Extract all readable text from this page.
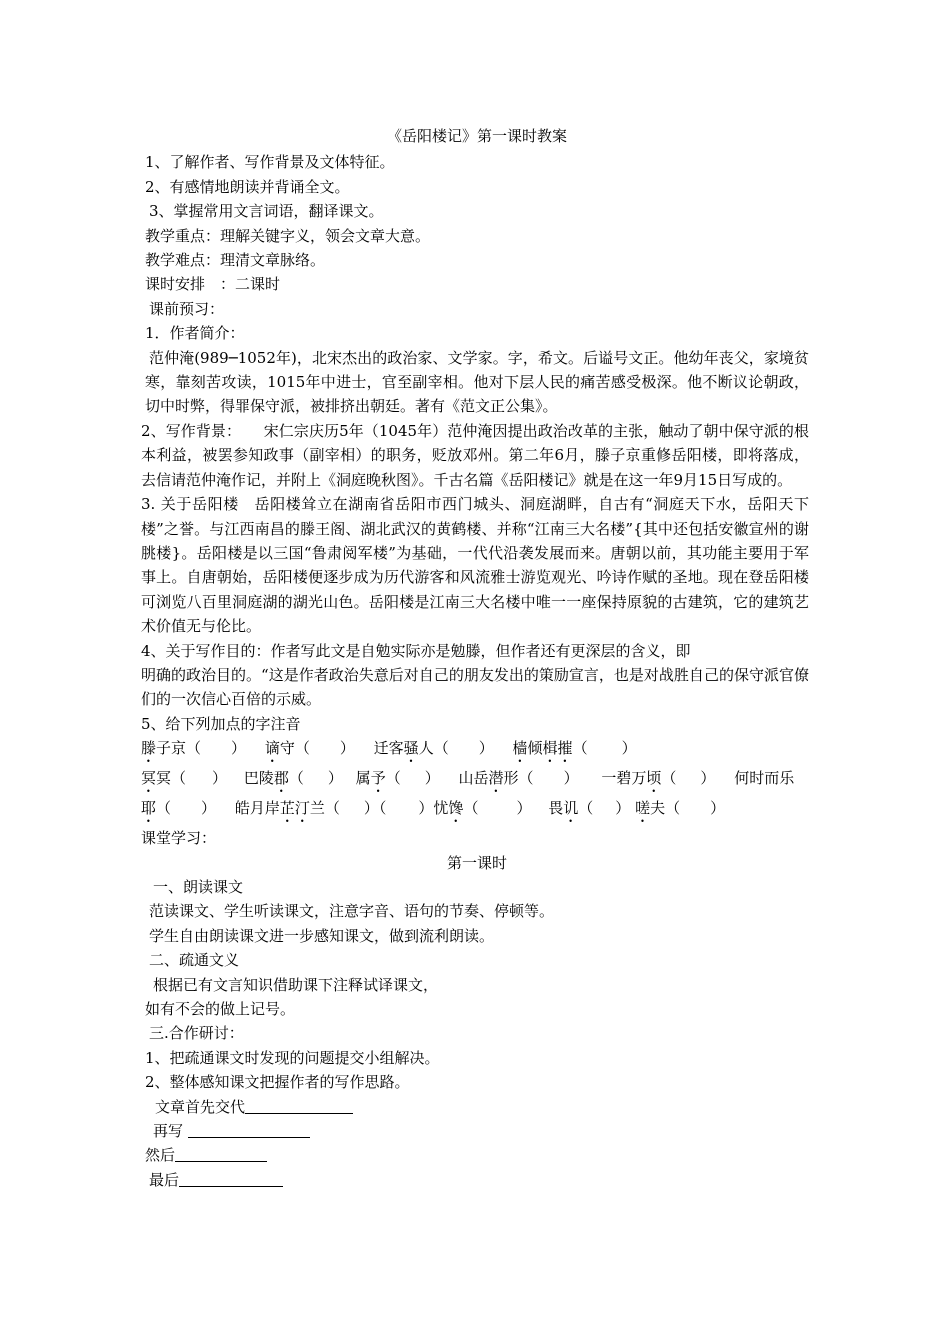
《岳阳楼记》第一课时教案
1、了解作者、写作背景及文体特征。
2、有感情地朗读并背诵全文。
3、掌握常用文言词语，翻译课文。
教学重点：理解关键字义，领会文章大意。
教学难点：理清文章脉络。
课时安排　：二课时
课前预习：
1．作者简介：
范仲淹(989─1052年)，北宋杰出的政治家、文学家。字，希文。后谥号文正。他幼年丧父，家境贫寒，靠刻苦攻读，1015年中进士，官至副宰相。他对下层人民的痛苦感受极深。他不断议论朝政，切中时弊，得罪保守派，被排挤出朝廷。著有《范文正公集》。
2、写作背景：　　宋仁宗庆历5年（1045年）范仲淹因提出政治改革的主张，触动了朝中保守派的根本利益，被罢参知政事（副宰相）的职务，贬放邓州。第二年6月，滕子京重修岳阳楼，即将落成，去信请范仲淹作记，并附上《洞庭晚秋图》。千古名篇《岳阳楼记》就是在这一年9月15日写成的。
3. 关于岳阳楼　岳阳楼耸立在湖南省岳阳市西门城头、洞庭湖畔，自古有“洞庭天下水，岳阳天下楼”之誉。与江西南昌的滕王阁、湖北武汉的黄鹤楼、并称“江南三大名楼”{其中还包括安徽宣州的谢朓楼}。岳阳楼是以三国“鲁肃阅军楼”为基础，一代代沿袭发展而来。唐朝以前，其功能主要用于军事上。自唐朝始，岳阳楼便逐步成为历代游客和风流雅士游览观光、吟诗作赋的圣地。现在登岳阳楼可浏览八百里洞庭湖的湖光山色。岳阳楼是江南三大名楼中唯一一座保持原貌的古建筑，它的建筑艺术价值无与伦比。
4、关于写作目的：作者写此文是自勉实际亦是勉滕，但作者还有更深层的含义，即
明确的政治目的。“这是作者政治失意后对自己的朋友发出的策励宣言，也是对战胜自己的保守派官僚们的一次信心百倍的示威。
5、给下列加点的字注音
滕子京（ ） 谪守（ ） 迁客骚人（ ） 樯倾楫摧（ ）
冥冥（ ） 巴陵郡（ ） 属予（ ） 山岳潜形（ ） 一碧万顷（ ） 何时而乐
耶（ ） 皓月岸芷汀兰（ ）（ ）忧馋（	） 畏讥（ ） 嗟夫（ ）
课堂学习：
第一课时
一、朗读课文
范读课文、学生听读课文，注意字音、语句的节奏、停顿等。
学生自由朗读课文进一步感知课文，做到流利朗读。
二、疏通文义
根据已有文言知识借助课下注释试译课文，
如有不会的做上记号。
三.合作研讨：
1、把疏通课文时发现的问题提交小组解决。
2、整体感知课文把握作者的写作思路。
文章首先交代
再写
然后
最后
